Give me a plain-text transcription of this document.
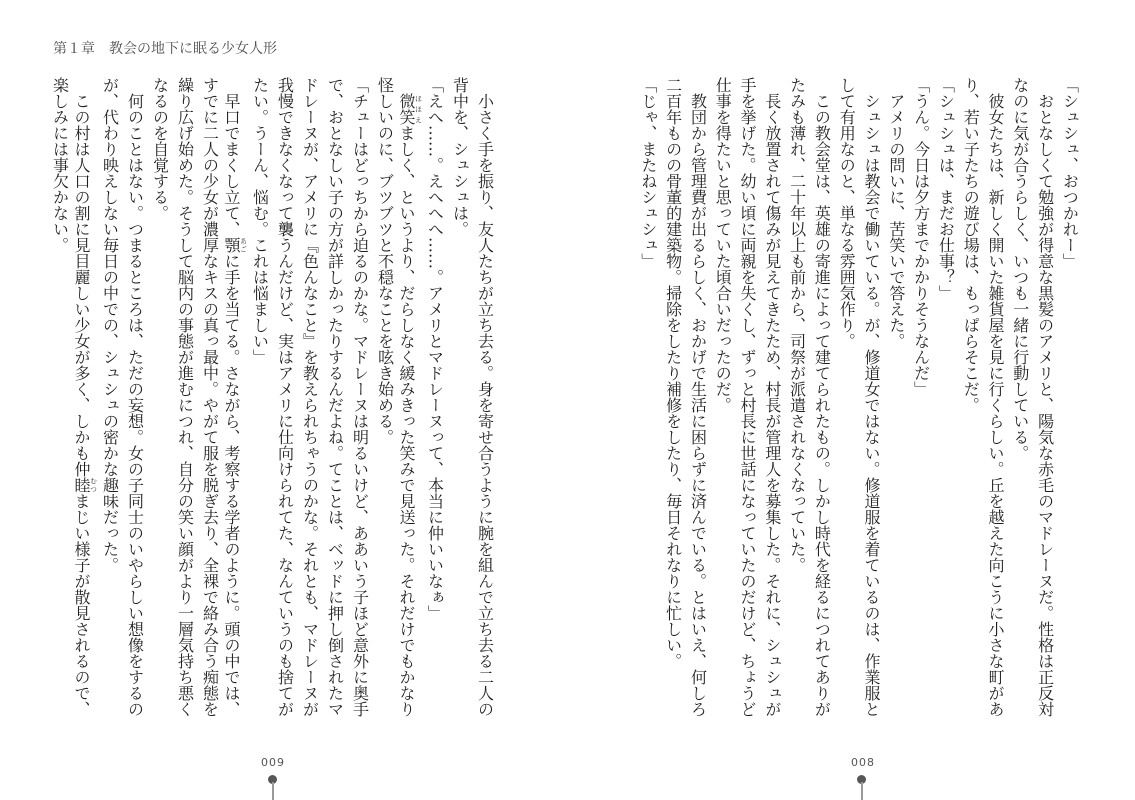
第１章　教会の地下に眠る少女人形
　小さく手を振り、友人たちが立ち去る。身を寄せ合うように腕を組んで立ち去る二人の
背中を、シュシュは。
「えへ……。えへへへ……。アメリとマドレーヌって、本当に仲いいなぁ」
　微笑ほほえましく、というより、だらしなく緩みきった笑みで見送った。それだけでもかなり
怪しいのに、ブツブツと不穏なことを呟き始める。
「チューはどっちから迫るのかな。マドレーヌは明るいけど、ああいう子ほど意外に奥手
で、おとなしい子の方が詳しかったりするんだよね。てことは、ベッドに押し倒されたマ
ドレーヌが、アメリに『色んなこと』を教えられちゃうのかな。それとも、マドレーヌが
我慢できなくなって襲うんだけど、実はアメリに仕向けられてた、なんていうのも捨てが
たい。うーん、悩む。これは悩ましい」
　早口でまくし立て、顎あごに手を当てる。さながら、考察する学者のように。頭の中では、
すでに二人の少女が濃厚なキスの真っ最中。やがて服を脱ぎ去り、全裸で絡み合う痴態を
繰り広げ始めた。そうして脳内の事態が進むにつれ、自分の笑い顔がより一層気持ち悪く
なるのを自覚する。
　何のことはない。つまるところは、ただの妄想。女の子同士のいやらしい想像をするの
が、代わり映えしない毎日の中での、シュシュの密かな趣味だった。
　この村は人口の割に見目麗しい少女が多く、しかも仲睦むつまじい様子が散見されるので、
楽しみには事欠かない。	「シュシュ、おつかれー」
　おとなしくて勉強が得意な黒髪のアメリと、陽気な赤毛のマドレーヌだ。性格は正反対
なのに気が合うらしく、いつも一緒に行動している。
　彼女たちは、新しく開いた雑貨屋を見に行くらしい。丘を越えた向こうに小さな町があ
り、若い子たちの遊び場は、もっぱらそこだ。
「シュシュは、まだお仕事？」
「うん。今日は夕方までかかりそうなんだ」
　アメリの問いに、苦笑いで答えた。
　シュシュは教会で働いている。が、修道女ではない。修道服を着ているのは、作業服と
して有用なのと、単なる雰囲気作り。
　この教会堂は、英雄の寄進によって建てられたもの。しかし時代を経るにつれてありが
たみも薄れ、二十年以上も前から、司祭が派遣されなくなっていた。
　長く放置されて傷みが見えてきたため、村長が管理人を募集した。それに、シュシュが
手を挙げた。幼い頃に両親を失くし、ずっと村長に世話になっていたのだけど、ちょうど
仕事を得たいと思っていた頃合いだったのだ。
　教団から管理費が出るらしく、おかげで生活に困らずに済んでいる。とはいえ、何しろ
二百年ものの骨董的建築物。掃除をしたり補修をしたり、毎日それなりに忙しい。
「じゃ、またねシュシュ」
009	008
